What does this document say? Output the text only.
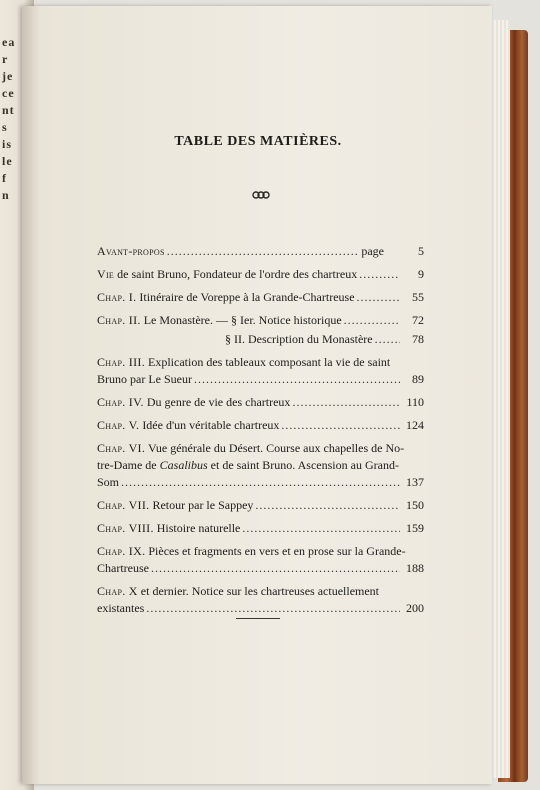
ea
r
je
ce
nt
s
is
le
f
n
TABLE DES MATIÈRES.
Avant-propos .....	page	5
Vie de saint Bruno, Fondateur de l'ordre des chartreux .....	9
Chap. I. Itinéraire de Voreppe à la Grande-Chartreuse .....	55
Chap. II. Le Monastère. — § Ier. Notice historique .....	72
§ II. Description du Monastère .....	78
Chap. III. Explication des tableaux composant la vie de saint
Bruno par Le Sueur .....	89
Chap. IV. Du genre de vie des chartreux .....	110
Chap. V. Idée d'un véritable chartreux .....	124
Chap. VI. Vue générale du Désert. Course aux chapelles de No-
tre-Dame de Casalibus et de saint Bruno. Ascension au Grand-
Som .....	137
Chap. VII. Retour par le Sappey .....	150
Chap. VIII. Histoire naturelle .....	159
Chap. IX. Pièces et fragments en vers et en prose sur la Grande-
Chartreuse .....	188
Chap. X et dernier. Notice sur les chartreuses actuellement
existantes .....	200
